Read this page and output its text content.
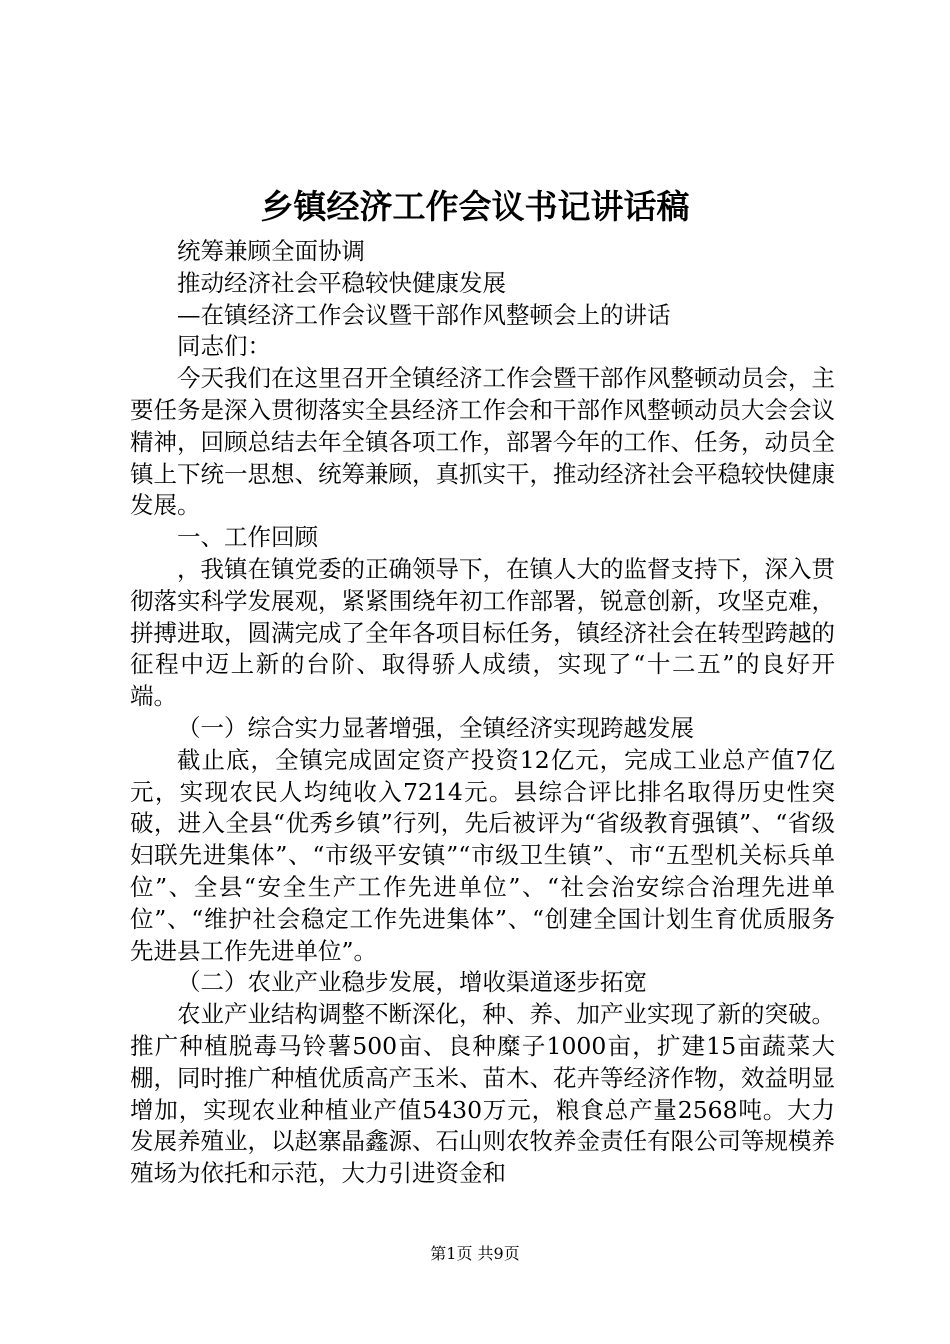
乡镇经济工作会议书记讲话稿

统筹兼顾全面协调

推动经济社会平稳较快健康发展

—在镇经济工作会议暨干部作风整顿会上的讲话

同志们：

今天我们在这里召开全镇经济工作会暨干部作风整顿动员会，主要任务是深入贯彻落实全县经济工作会和干部作风整顿动员大会会议精神，回顾总结去年全镇各项工作，部署今年的工作、任务，动员全镇上下统一思想、统筹兼顾，真抓实干，推动经济社会平稳较快健康发展。

一、工作回顾

，我镇在镇党委的正确领导下，在镇人大的监督支持下，深入贯彻落实科学发展观，紧紧围绕年初工作部署，锐意创新，攻坚克难，拼搏进取，圆满完成了全年各项目标任务，镇经济社会在转型跨越的征程中迈上新的台阶、取得骄人成绩，实现了“十二五”的良好开端。

（一）综合实力显著增强，全镇经济实现跨越发展

截止底，全镇完成固定资产投资12亿元，完成工业总产值7亿元，实现农民人均纯收入7214元。县综合评比排名取得历史性突破，进入全县“优秀乡镇”行列，先后被评为“省级教育强镇”、“省级妇联先进集体”、“市级平安镇”“市级卫生镇”、市“五型机关标兵单位”、全县“安全生产工作先进单位”、“社会治安综合治理先进单位”、“维护社会稳定工作先进集体”、“创建全国计划生育优质服务先进县工作先进单位”。

（二）农业产业稳步发展，增收渠道逐步拓宽

农业产业结构调整不断深化，种、养、加产业实现了新的突破。推广种植脱毒马铃薯500亩、良种糜子1000亩，扩建15亩蔬菜大棚，同时推广种植优质高产玉米、苗木、花卉等经济作物，效益明显增加，实现农业种植业产值5430万元，粮食总产量2568吨。大力发展养殖业，以赵寨晶鑫源、石山则农牧养金责任有限公司等规模养殖场为依托和示范，大力引进资金和

第1页 共9页
